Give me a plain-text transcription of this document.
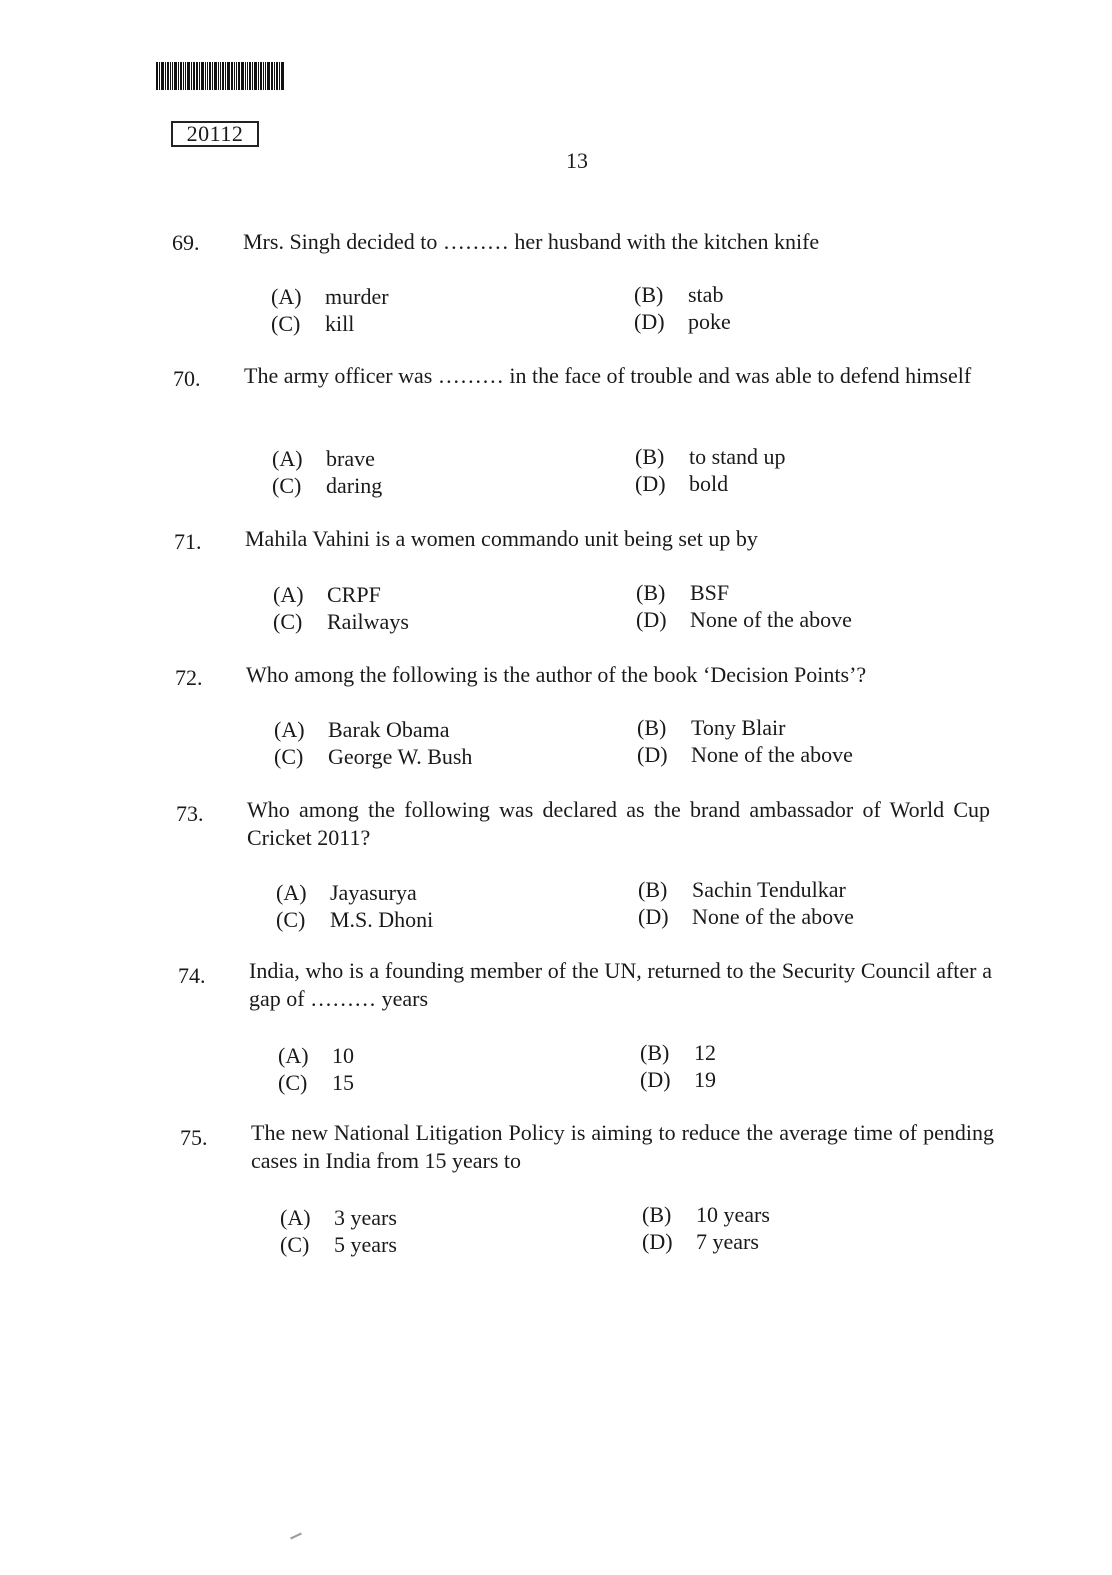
20112
13
69. Mrs. Singh decided to ……… her husband with the kitchen knife
(A) murder	(B) stab
(C) kill	(D) poke
70. The army officer was ……… in the face of trouble and was able to defend himself
(A) brave	(B) to stand up
(C) daring	(D) bold
71. Mahila Vahini is a women commando unit being set up by
(A) CRPF	(B) BSF
(C) Railways	(D) None of the above
72. Who among the following is the author of the book ‘Decision Points’?
(A) Barak Obama	(B) Tony Blair
(C) George W. Bush	(D) None of the above
73. Who among the following was declared as the brand ambassador of World Cup Cricket 2011?
(A) Jayasurya	(B) Sachin Tendulkar
(C) M.S. Dhoni	(D) None of the above
74. India, who is a founding member of the UN, returned to the Security Council after a gap of ……… years
(A) 10	(B) 12
(C) 15	(D) 19
75. The new National Litigation Policy is aiming to reduce the average time of pending cases in India from 15 years to
(A) 3 years	(B) 10 years
(C) 5 years	(D) 7 years
